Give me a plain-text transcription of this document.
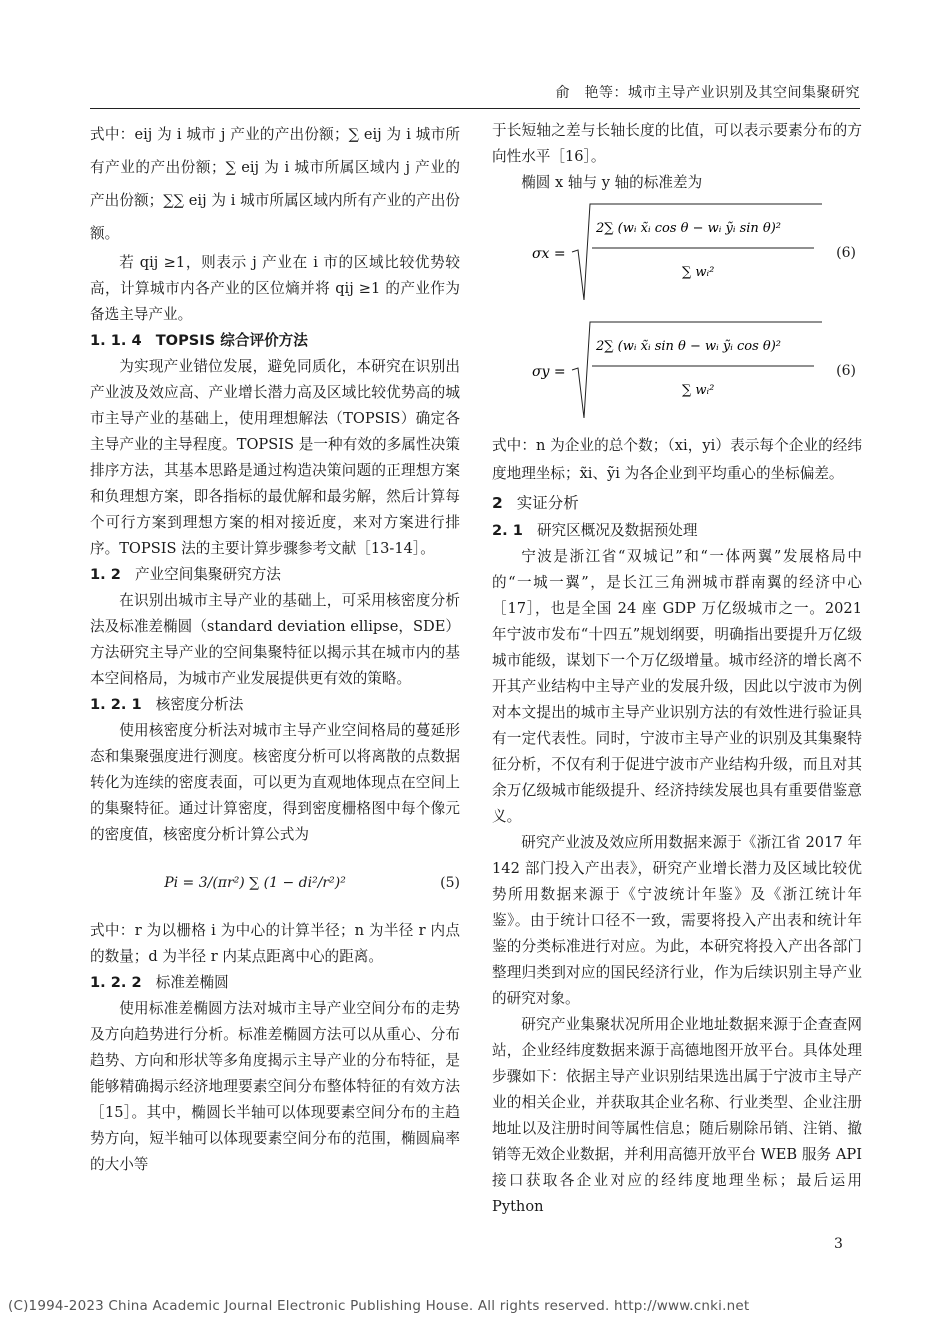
俞　艳等：城市主导产业识别及其空间集聚研究

式中：eij 为 i 城市 j 产业的产出份额；∑ eij 为 i 城市所有产业的产出份额；∑ eij 为 i 城市所属区域内 j 产业的产出份额；∑∑ eij 为 i 城市所属区域内所有产业的产出份额。

若 qij ≥1，则表示 j 产业在 i 市的区域比较优势较高，计算城市内各产业的区位熵并将 qij ≥1 的产业作为备选主导产业。

1. 1. 4 TOPSIS 综合评价方法

为实现产业错位发展，避免同质化，本研究在识别出产业波及效应高、产业增长潜力高及区域比较优势高的城市主导产业的基础上，使用理想解法（TOPSIS）确定各主导产业的主导程度。TOPSIS 是一种有效的多属性决策排序方法，其基本思路是通过构造决策问题的正理想方案和负理想方案，即各指标的最优解和最劣解，然后计算每个可行方案到理想方案的相对接近度，来对方案进行排序。TOPSIS 法的主要计算步骤参考文献［13-14］。

1. 2 产业空间集聚研究方法

在识别出城市主导产业的基础上，可采用核密度分析法及标准差椭圆（standard deviation ellipse，SDE）方法研究主导产业的空间集聚特征以揭示其在城市内的基本空间格局，为城市产业发展提供更有效的策略。

1. 2. 1 核密度分析法

使用核密度分析法对城市主导产业空间格局的蔓延形态和集聚强度进行测度。核密度分析可以将离散的点数据转化为连续的密度表面，可以更为直观地体现点在空间上的集聚特征。通过计算密度，得到密度栅格图中每个像元的密度值，核密度分析计算公式为

Pi = 3/(πr²) ∑ (1 − di²/r²)²	(5)

式中：r 为以栅格 i 为中心的计算半径；n 为半径 r 内点的数量；d 为半径 r 内某点距离中心的距离。

1. 2. 2 标准差椭圆

使用标准差椭圆方法对城市主导产业空间分布的走势及方向趋势进行分析。标准差椭圆方法可以从重心、分布趋势、方向和形状等多角度揭示主导产业的分布特征，是能够精确揭示经济地理要素空间分布整体特征的有效方法［15］。其中，椭圆长半轴可以体现要素空间分布的主趋势方向，短半轴可以体现要素空间分布的范围，椭圆扁率的大小等

于长短轴之差与长轴长度的比值，可以表示要素分布的方向性水平［16］。

椭圆 x 轴与 y 轴的标准差为

σx =
2∑ (wᵢ x̃ᵢ cos θ − wᵢ ỹᵢ sin θ)²
∑ wᵢ²
(6)
σy =
2∑ (wᵢ x̃ᵢ sin θ − wᵢ ỹᵢ cos θ)²
∑ wᵢ²
(6)

式中：n 为企业的总个数；（xi，yi）表示每个企业的经纬度地理坐标；x̃i、ỹi 为各企业到平均重心的坐标偏差。

2 实证分析
2. 1 研究区概况及数据预处理

宁波是浙江省“双城记”和“一体两翼”发展格局中的“一城一翼”，是长江三角洲城市群南翼的经济中心［17］，也是全国 24 座 GDP 万亿级城市之一。2021 年宁波市发布“十四五”规划纲要，明确指出要提升万亿级城市能级，谋划下一个万亿级增量。城市经济的增长离不开其产业结构中主导产业的发展升级，因此以宁波市为例对本文提出的城市主导产业识别方法的有效性进行验证具有一定代表性。同时，宁波市主导产业的识别及其集聚特征分析，不仅有利于促进宁波市产业结构升级，而且对其余万亿级城市能级提升、经济持续发展也具有重要借鉴意义。

研究产业波及效应所用数据来源于《浙江省 2017 年 142 部门投入产出表》，研究产业增长潜力及区域比较优势所用数据来源于《宁波统计年鉴》及《浙江统计年鉴》。由于统计口径不一致，需要将投入产出表和统计年鉴的分类标准进行对应。为此，本研究将投入产出各部门整理归类到对应的国民经济行业，作为后续识别主导产业的研究对象。

研究产业集聚状况所用企业地址数据来源于企查查网站，企业经纬度数据来源于高德地图开放平台。具体处理步骤如下：依据主导产业识别结果选出属于宁波市主导产业的相关企业，并获取其企业名称、行业类型、企业注册地址以及注册时间等属性信息；随后剔除吊销、注销、撤销等无效企业数据，并利用高德开放平台 WEB 服务 API 接口获取各企业对应的经纬度地理坐标；最后运用 Python

3
(C)1994-2023 China Academic Journal Electronic Publishing House. All rights reserved. http://www.cnki.net
